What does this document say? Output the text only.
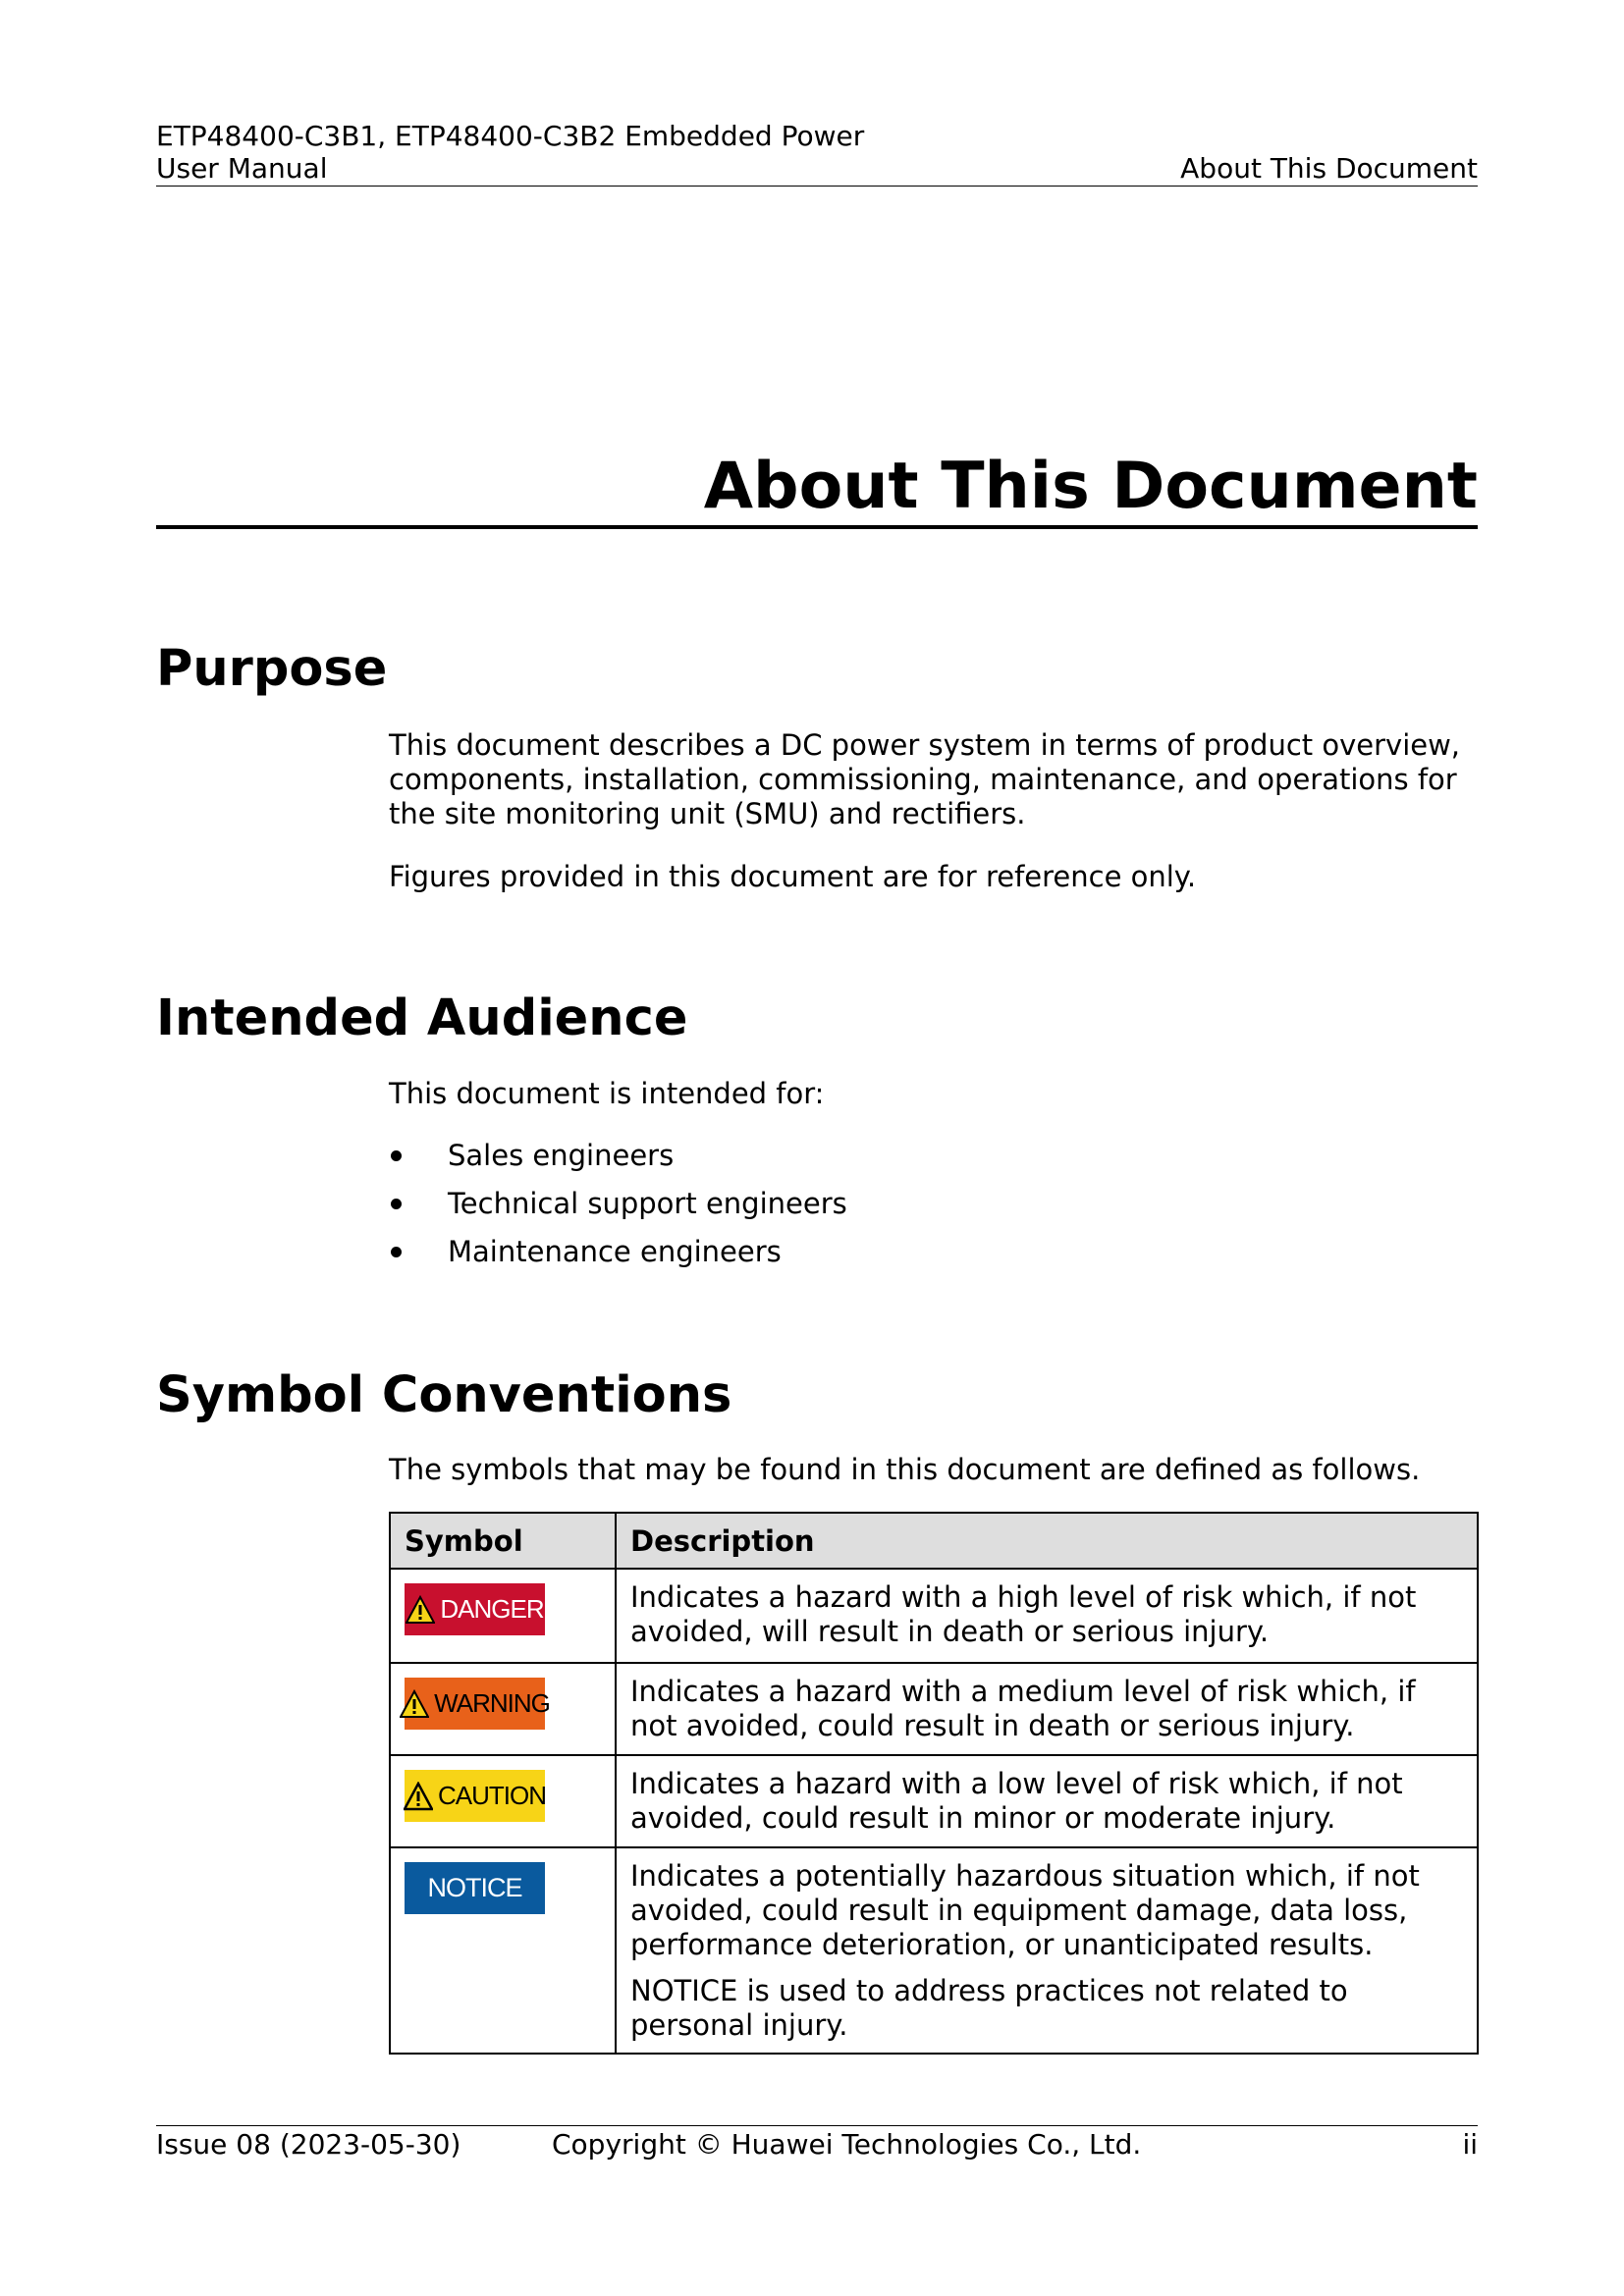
ETP48400-C3B1, ETP48400-C3B2 Embedded Power
User Manual	About This Document
About This Document
Purpose

This document describes a DC power system in terms of product overview, components, installation, commissioning, maintenance, and operations for the site monitoring unit (SMU) and rectifiers.

Figures provided in this document are for reference only.

Intended Audience

This document is intended for:

Sales engineers
Technical support engineers
Maintenance engineers
Symbol Conventions

The symbols that may be found in this document are defined as follows.

Symbol	Description

DANGER	Indicates a hazard with a high level of risk which, if not avoided, will result in death or serious injury.

WARNING	Indicates a hazard with a medium level of risk which, if not avoided, could result in death or serious injury.

CAUTION	Indicates a hazard with a low level of risk which, if not avoided, could result in minor or moderate injury.

NOTICE	Indicates a potentially hazardous situation which, if not avoided, could result in equipment damage, data loss, performance deterioration, or unanticipated results.

NOTICE is used to address practices not related to personal injury.

Issue 08 (2023-05-30)	Copyright © Huawei Technologies Co., Ltd.	ii
